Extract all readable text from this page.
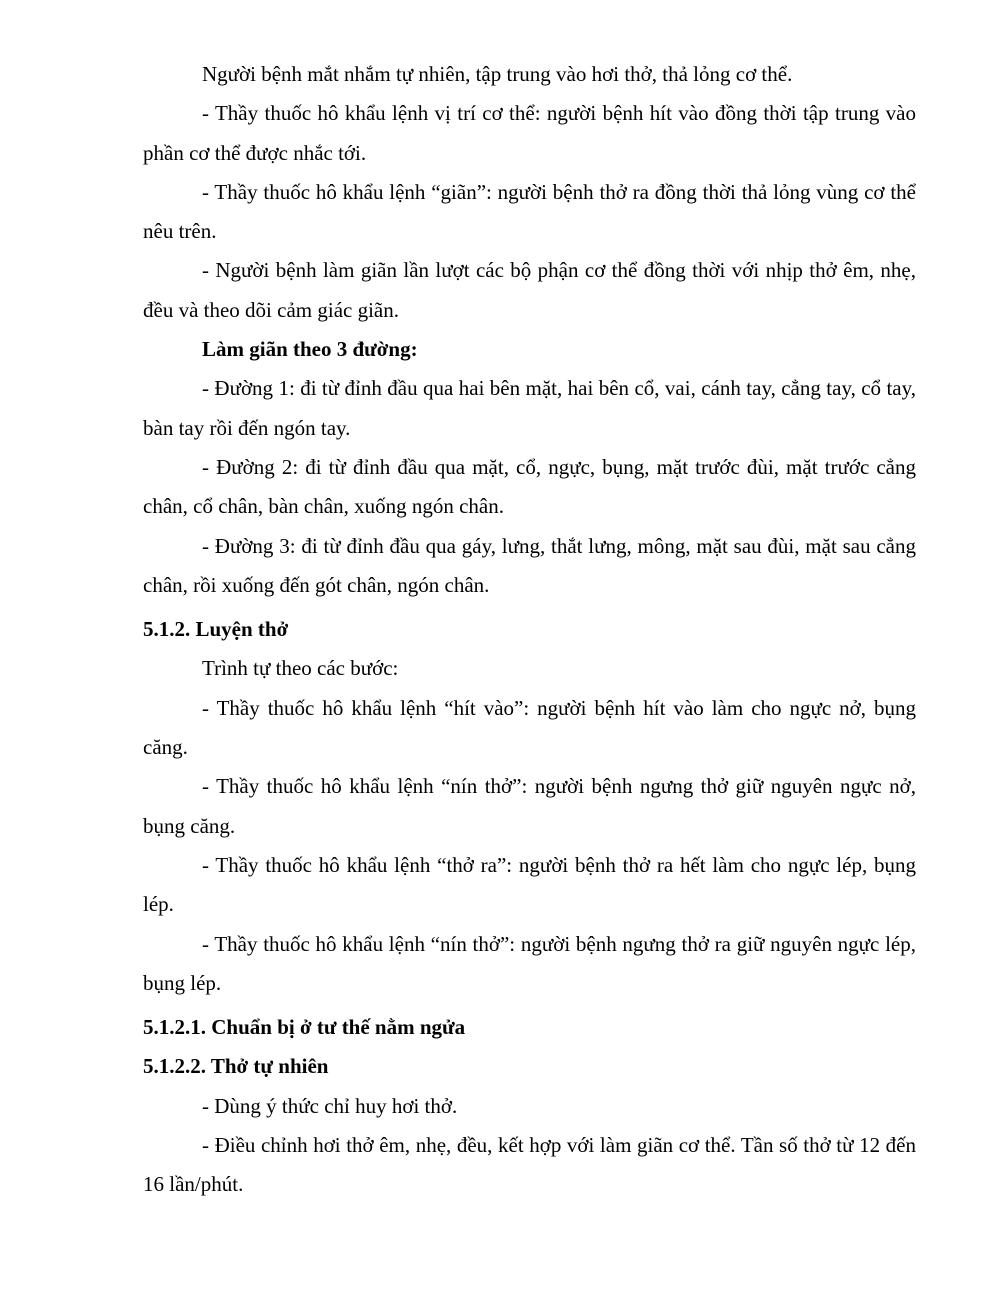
Người bệnh mắt nhắm tự nhiên, tập trung vào hơi thở, thả lỏng cơ thể.

- Thầy thuốc hô khẩu lệnh vị trí cơ thể: người bệnh hít vào đồng thời tập trung vào phần cơ thể được nhắc tới.

- Thầy thuốc hô khẩu lệnh “giãn”: người bệnh thở ra đồng thời thả lỏng vùng cơ thể nêu trên.

- Người bệnh làm giãn lần lượt các bộ phận cơ thể đồng thời với nhịp thở êm, nhẹ, đều và theo dõi cảm giác giãn.

Làm giãn theo 3 đường:

- Đường 1: đi từ đỉnh đầu qua hai bên mặt, hai bên cổ, vai, cánh tay, cẳng tay, cổ tay, bàn tay rồi đến ngón tay.

- Đường 2: đi từ đỉnh đầu qua mặt, cổ, ngực, bụng, mặt trước đùi, mặt trước cẳng chân, cổ chân, bàn chân, xuống ngón chân.

- Đường 3: đi từ đỉnh đầu qua gáy, lưng, thắt lưng, mông, mặt sau đùi, mặt sau cẳng chân, rồi xuống đến gót chân, ngón chân.

5.1.2. Luyện thở

Trình tự theo các bước:

- Thầy thuốc hô khẩu lệnh “hít vào”: người bệnh hít vào làm cho ngực nở, bụng căng.

- Thầy thuốc hô khẩu lệnh “nín thở”: người bệnh ngưng thở giữ nguyên ngực nở, bụng căng.

- Thầy thuốc hô khẩu lệnh “thở ra”: người bệnh thở ra hết làm cho ngực lép, bụng lép.

- Thầy thuốc hô khẩu lệnh “nín thở”: người bệnh ngưng thở ra giữ nguyên ngực lép, bụng lép.

5.1.2.1. Chuẩn bị ở tư thế nằm ngửa

5.1.2.2. Thở tự nhiên

- Dùng ý thức chỉ huy hơi thở.

- Điều chỉnh hơi thở êm, nhẹ, đều, kết hợp với làm giãn cơ thể. Tần số thở từ 12 đến 16 lần/phút.
